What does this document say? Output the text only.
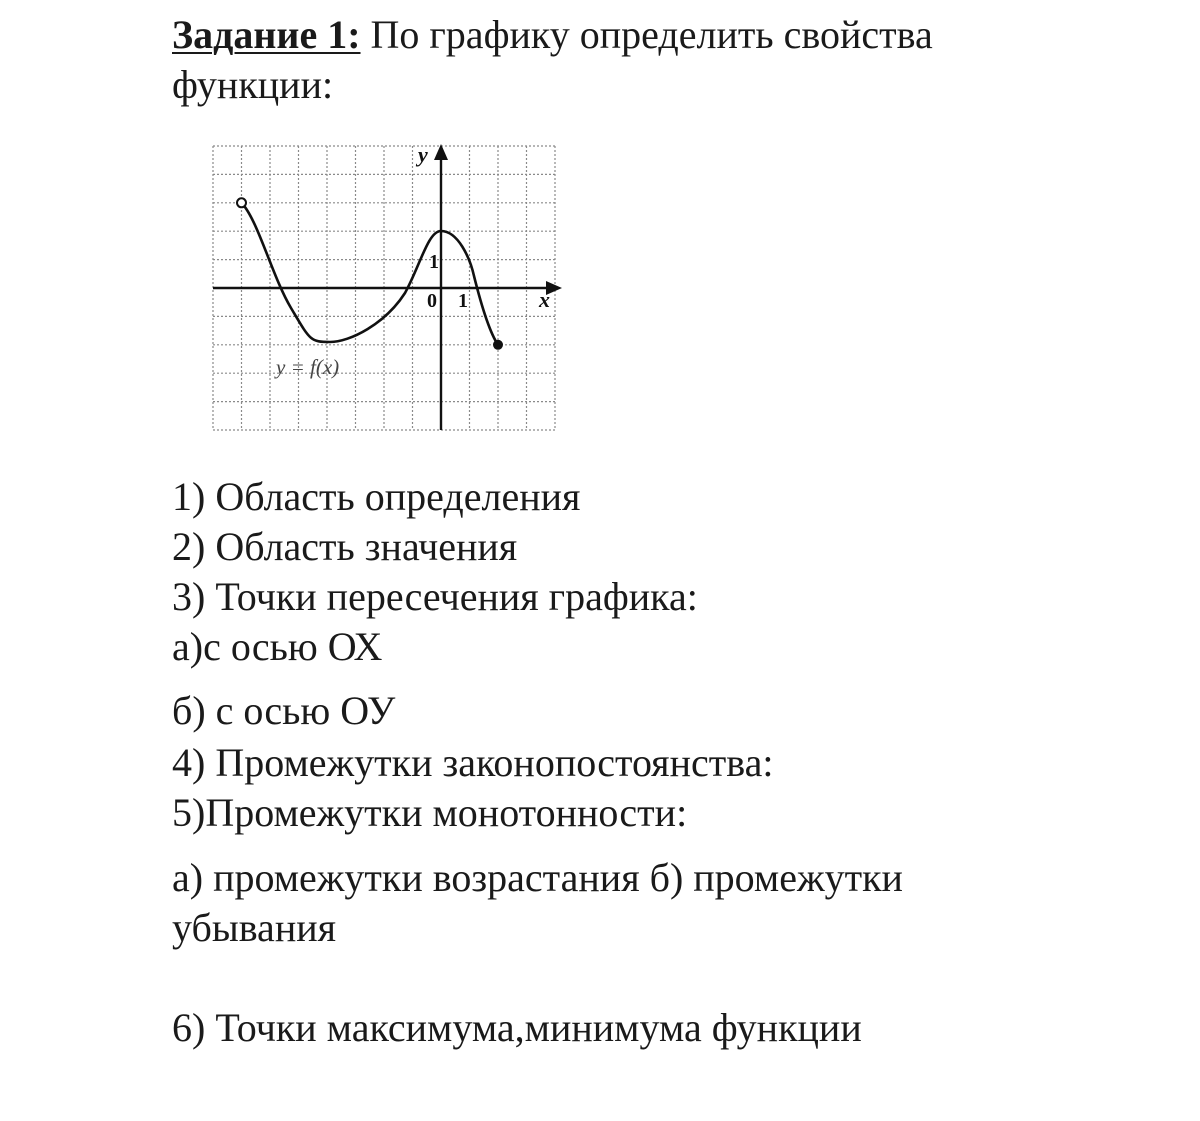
Задание 1: По графику определить свойства функции:
y
x
0 1
1
y = f(x)
1) Область определения
2) Область значения
3) Точки пересечения графика:
а)с осью ОХ
б) с осью ОУ
4) Промежутки законопостоянства:
5)Промежутки монотонности:
а) промежутки возрастания б) промежутки убывания
6) Точки максимума,минимума функции
